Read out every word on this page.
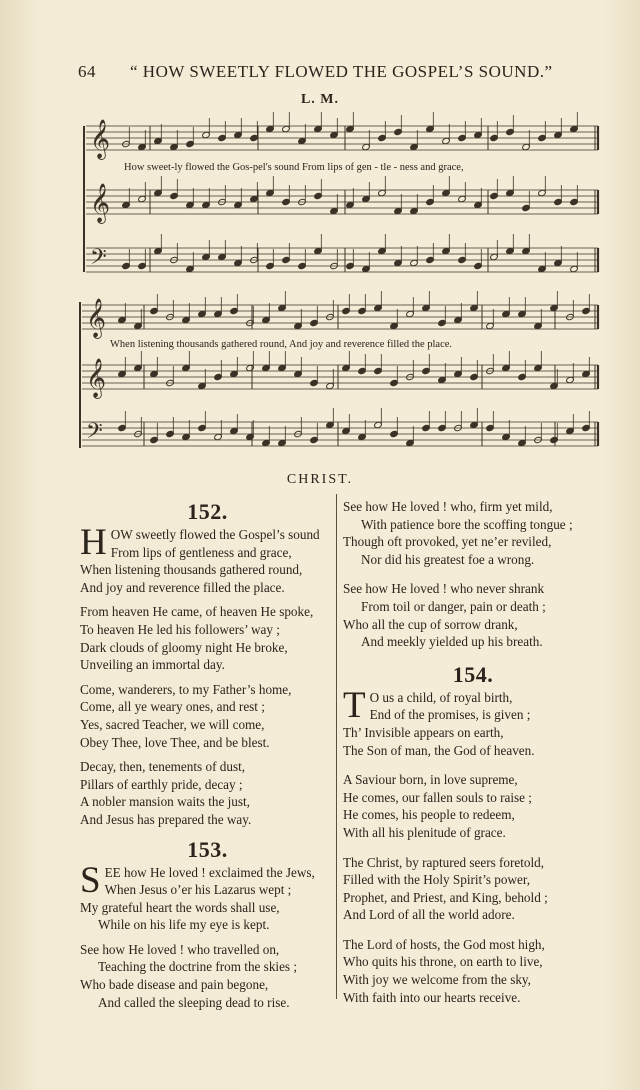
64 “ HOW SWEETLY FLOWED THE GOSPEL’S SOUND.”
L. M.
𝄞
𝄞
𝄢
𝄞
𝄞
𝄢
How sweet-ly flowed the Gos-pel's sound From lips of gen - tle - ness and grace,
When listening thousands gathered round, And joy and reverence filled the place.
CHRIST.
152.
H OW sweetly flowed the Gospel’s sound

From lips of gentleness and grace,

When listening thousands gathered round,

And joy and reverence filled the place.

From heaven He came, of heaven He spoke,

To heaven He led his followers’ way ;

Dark clouds of gloomy night He broke,

Unveiling an immortal day.

Come, wanderers, to my Father’s home,

Come, all ye weary ones, and rest ;

Yes, sacred Teacher, we will come,

Obey Thee, love Thee, and be blest.

Decay, then, tenements of dust,

Pillars of earthly pride, decay ;

A nobler mansion waits the just,

And Jesus has prepared the way.

153.
S EE how He loved ! exclaimed the Jews,

When Jesus o’er his Lazarus wept ;

My grateful heart the words shall use,

While on his life my eye is kept.

See how He loved ! who travelled on,

Teaching the doctrine from the skies ;

Who bade disease and pain begone,

And called the sleeping dead to rise.

See how He loved ! who, firm yet mild,

With patience bore the scoffing tongue ;

Though oft provoked, yet ne’er reviled,

Nor did his greatest foe a wrong.

See how He loved ! who never shrank

From toil or danger, pain or death ;

Who all the cup of sorrow drank,

And meekly yielded up his breath.

154.
T O us a child, of royal birth,

End of the promises, is given ;

Th’ Invisible appears on earth,

The Son of man, the God of heaven.

A Saviour born, in love supreme,

He comes, our fallen souls to raise ;

He comes, his people to redeem,

With all his plenitude of grace.

The Christ, by raptured seers foretold,

Filled with the Holy Spirit’s power,

Prophet, and Priest, and King, behold ;

And Lord of all the world adore.

The Lord of hosts, the God most high,

Who quits his throne, on earth to live,

With joy we welcome from the sky,

With faith into our hearts receive.
